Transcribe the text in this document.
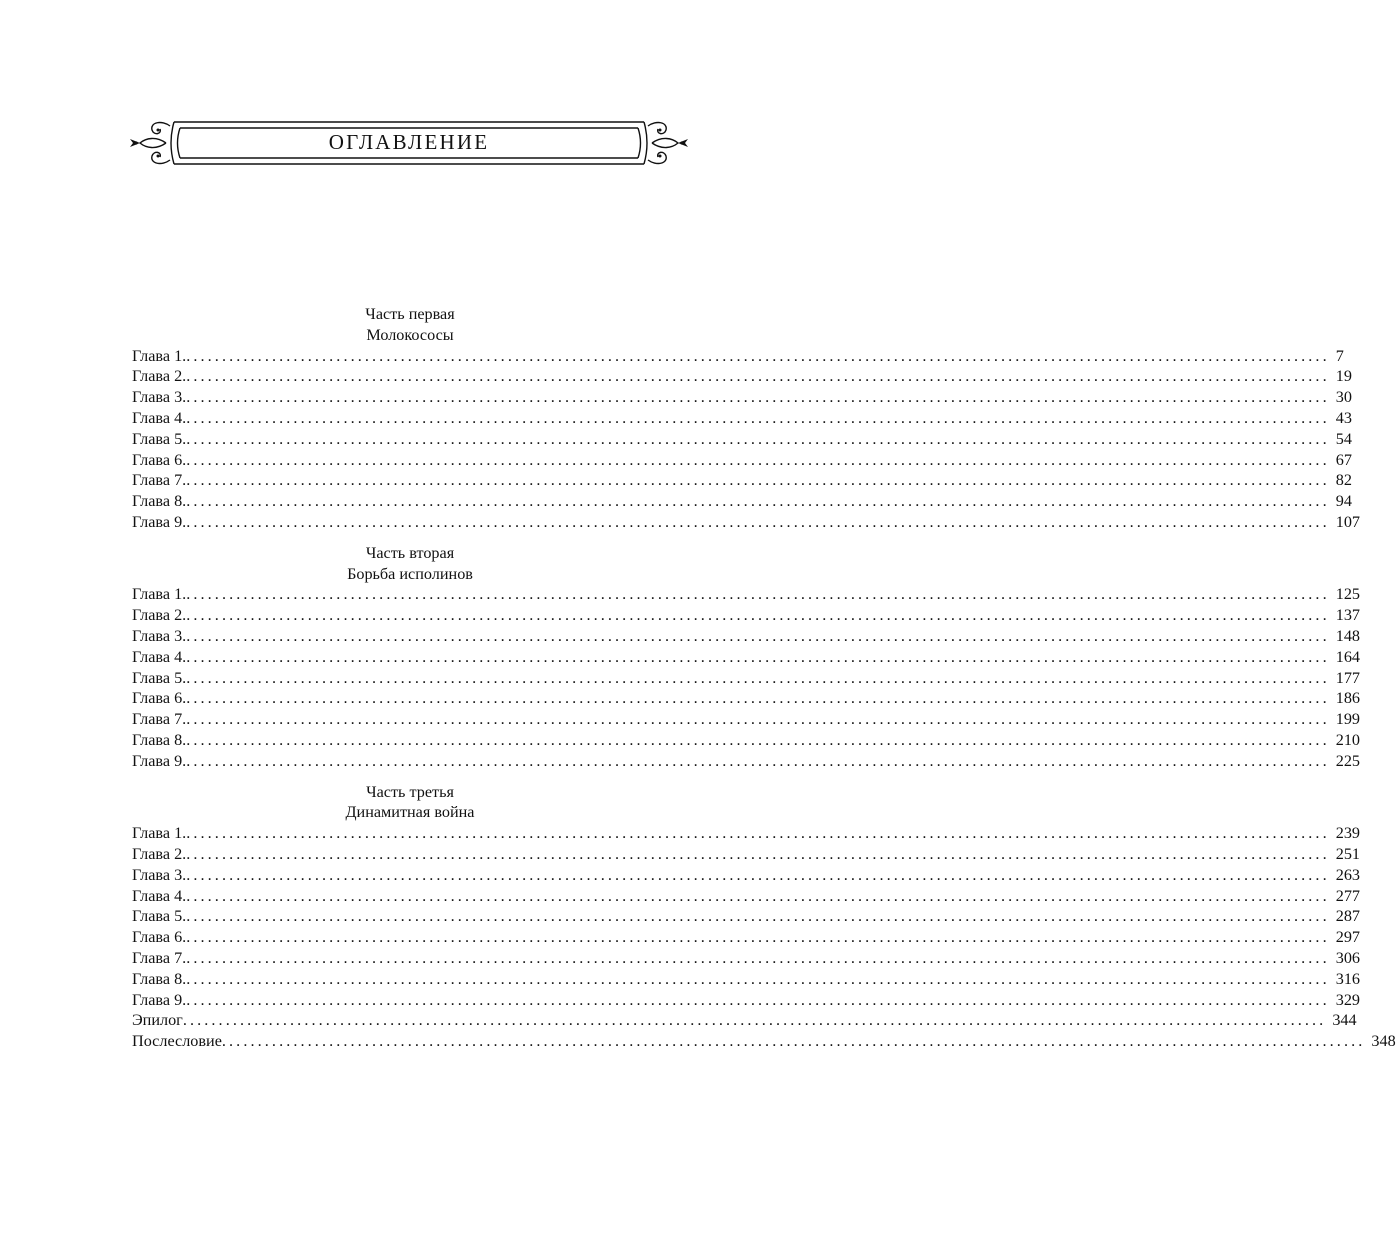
ОГЛАВЛЕНИЕ
Часть первая
Молокососы
Глава 1. ................................................................................................................................................................ 7
Глава 2. ................................................................................................................................................................ 19
Глава 3. ................................................................................................................................................................ 30
Глава 4. ................................................................................................................................................................ 43
Глава 5. ................................................................................................................................................................ 54
Глава 6. ................................................................................................................................................................ 67
Глава 7. ................................................................................................................................................................ 82
Глава 8. ................................................................................................................................................................ 94
Глава 9. ................................................................................................................................................................ 107
Часть вторая
Борьба исполинов
Глава 1. ................................................................................................................................................................ 125
Глава 2. ................................................................................................................................................................ 137
Глава 3. ................................................................................................................................................................ 148
Глава 4. ................................................................................................................................................................ 164
Глава 5. ................................................................................................................................................................ 177
Глава 6. ................................................................................................................................................................ 186
Глава 7. ................................................................................................................................................................ 199
Глава 8. ................................................................................................................................................................ 210
Глава 9. ................................................................................................................................................................ 225
Часть третья
Динамитная война
Глава 1. ................................................................................................................................................................ 239
Глава 2. ................................................................................................................................................................ 251
Глава 3. ................................................................................................................................................................ 263
Глава 4. ................................................................................................................................................................ 277
Глава 5. ................................................................................................................................................................ 287
Глава 6. ................................................................................................................................................................ 297
Глава 7. ................................................................................................................................................................ 306
Глава 8. ................................................................................................................................................................ 316
Глава 9. ................................................................................................................................................................ 329
Эпилог ................................................................................................................................................................ 344
Послесловие ................................................................................................................................................................ 348
